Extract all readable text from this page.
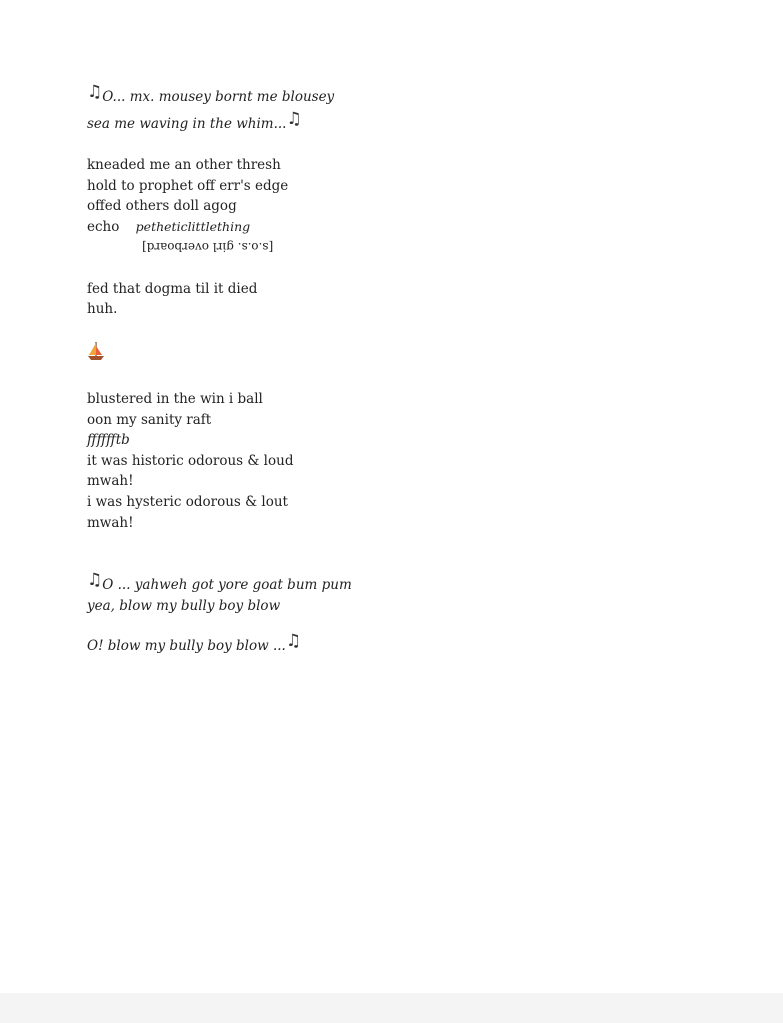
♫O... mx. mousey bornt me blousey
sea me waving in the whim...♫
kneaded me an other thresh
hold to prophet off err's edge
offed others doll agog
echo petheticlittlething
[s.o.s. girl overboard]
fed that dogma til it died
huh.
blustered in the win i ball
oon my sanity raft
fffffftb
it was historic odorous & loud
mwah!
i was hysteric odorous & lout
mwah!
♫O ... yahweh got yore goat bum pum
yea, blow my bully boy blow
O! blow my bully boy blow ...♫
